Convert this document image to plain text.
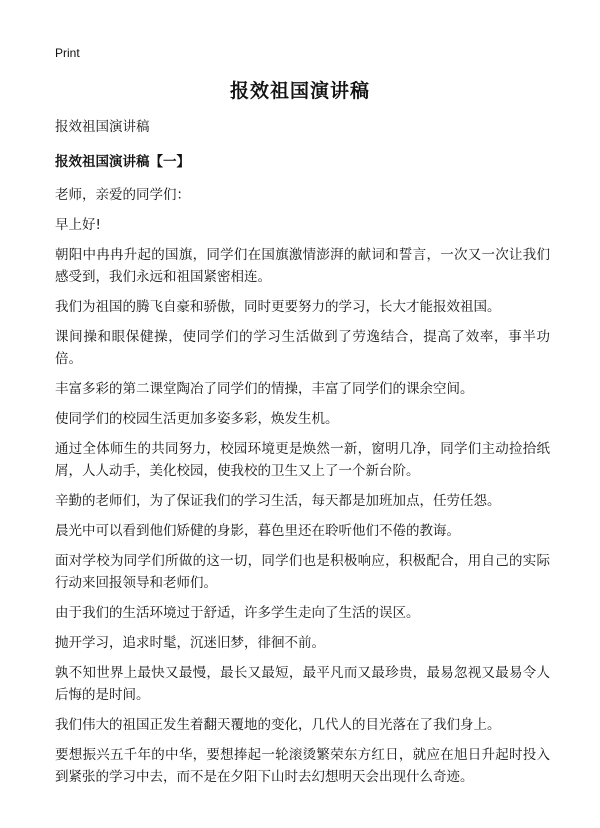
Print
报效祖国演讲稿

报效祖国演讲稿

报效祖国演讲稿【一】

老师，亲爱的同学们：

早上好!

朝阳中冉冉升起的国旗，同学们在国旗激情澎湃的献词和誓言，一次又一次让我们感受到，我们永远和祖国紧密相连。

我们为祖国的腾飞自豪和骄傲，同时更要努力的学习，长大才能报效祖国。

课间操和眼保健操，使同学们的学习生活做到了劳逸结合，提高了效率，事半功倍。

丰富多彩的第二课堂陶冶了同学们的情操，丰富了同学们的课余空间。

使同学们的校园生活更加多姿多彩，焕发生机。

通过全体师生的共同努力，校园环境更是焕然一新，窗明几净，同学们主动捡拾纸屑，人人动手，美化校园，使我校的卫生又上了一个新台阶。

辛勤的老师们，为了保证我们的学习生活，每天都是加班加点，任劳任怨。

晨光中可以看到他们矫健的身影，暮色里还在聆听他们不倦的教诲。

面对学校为同学们所做的这一切，同学们也是积极响应，积极配合，用自己的实际行动来回报领导和老师们。

由于我们的生活环境过于舒适，许多学生走向了生活的误区。

抛开学习，追求时髦，沉迷旧梦，徘徊不前。

孰不知世界上最快又最慢，最长又最短，最平凡而又最珍贵，最易忽视又最易令人后悔的是时间。

我们伟大的祖国正发生着翻天覆地的变化，几代人的目光落在了我们身上。

要想振兴五千年的中华，要想捧起一轮滚烫繁荣东方红日，就应在旭日升起时投入到紧张的学习中去，而不是在夕阳下山时去幻想明天会出现什么奇迹。
